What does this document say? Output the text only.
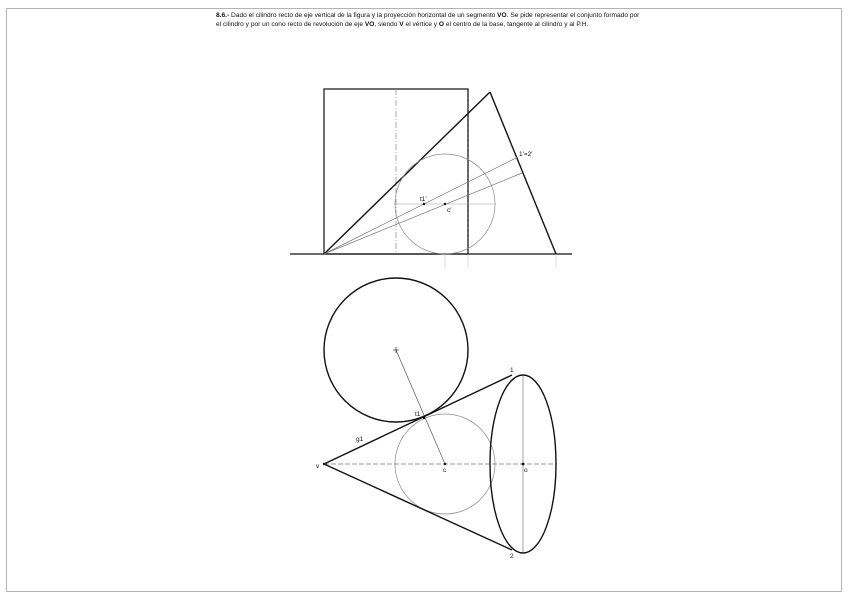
8.6.- Dado el cilindro recto de eje vertical de la figura y la proyección horizontal de un segmento VO. Se pide representar el conjunto formado por el cilindro y por un cono recto de revolución de eje VO, siendo V el vértice y O el centro de la base, tangente al cilindro y al P.H.
1'=2'
t1'
c'
1
2
t1
g1
v
c	o
